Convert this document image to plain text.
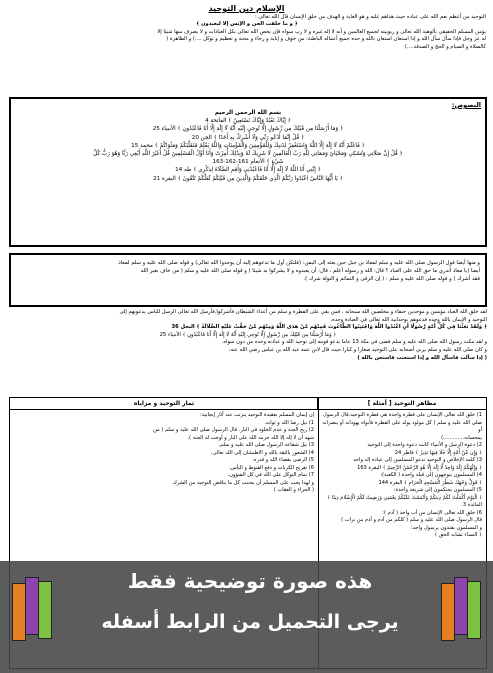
الإسلام دين التوحيد

التوحيد من أعظم نعم الله على عباده حيث هداهم غليه و هو الغاية و الهدف من خلق الإنسان قال الله تعالى :

﴿ و ما خلقت الجن و الإنس إلا ليعبدون ﴾

يؤمن المسلم الحقيقي بألوهية الله تعالى و ربوبيته لجميع العالمين و أنه لا إله غيره و لا رب سواه فإن يخص الله تعالى بكل العبادات و لا يصرف منها شيئا إلا

له عز وجل فإذا سأل سأل الله و إذا استعان استعان بالله و حده جميع أعماله الباطنة: من خوف و إنابة و رجاء و محبة و تعظيم و توكل ....) و الظاهرة (

كالصلاة و الصيام و الحج و الصدقة....)

النصوص:
بسم الله الرحمن الرحيم
﴿ إِيَّاكَ نَعْبُدُ وَإِيَّاكَ نَسْتَعِينُ ﴾ الفاتحة 4
﴿ وَمَا أَرْسَلْنَا مِن قَبْلِكَ مِن رَّسُولٍ إِلَّا نُوحِي إِلَيْهِ أَنَّهُ لَا إِلَٰهَ إِلَّا أَنَا فَاعْبُدُونِ ﴾ الأنبياء 25
﴿ قُلْ إِنَّمَا أَدْعُو رَبِّي وَلَا أُشْرِكُ بِهِ أَحَدًا ﴾ الجن 20
﴿ فَاعْلَمْ أَنَّهُ لَا إِلَٰهَ إِلَّا اللَّهُ وَاسْتَغْفِرْ لِذَنبِكَ وَلِلْمُؤْمِنِينَ وَالْمُؤْمِنَاتِ وَاللَّهُ يَعْلَمُ مُتَقَلَّبَكُمْ وَمَثْوَاكُمْ ﴾ محمد 15
﴿ قُلْ إِنَّ صَلَاتِي وَنُسُكِي وَمَحْيَايَ وَمَمَاتِي لِلَّهِ رَبِّ الْعَالَمِينَ لَا شَرِيكَ لَهُ وَبِذَٰلِكَ أُمِرْتُ وَأَنَا أَوَّلُ الْمُسْلِمِينَ قُلْ أَغَيْرَ اللَّهِ أَبْغِي رَبًّا وَهُوَ رَبُّ كُلِّ
شَيْءٍ ﴾ الأنعام 161-162-163
﴿ إِنَّنِي أَنَا اللَّهُ لَا إِلَٰهَ إِلَّا أَنَا فَاعْبُدْنِي وَأَقِمِ الصَّلَاةَ لِذِكْرِي ﴾ طه 14
﴿ يَا أَيُّهَا النَّاسُ اعْبُدُوا رَبَّكُمُ الَّذِي خَلَقَكُمْ وَالَّذِينَ مِن قَبْلِكُمْ لَعَلَّكُمْ تَتَّقُونَ ﴾ البقرة 21
و منها أيضا قول الرسول صلى الله عليه و سلم لمعاذ بن جبل حين بعثه إلى اليمن: (فلتكن أول ما تدعوهم إليه أن يوحدوا الله تعالى) و قوله صلى الله عليه و سلم لمعاذ
أيضا (يا معاذ أتدري ما حق الله على العباد ؟ قال: الله و رسوله أعلم ، قال: أن يعبدوه و لا يشركوا به شيئا ) و قوله صلى الله عليه و سلم ( من خاف بغير الله
فقد أشرك ) و قوله صلى الله عليه و سلم : ( إن الرقى و التمائم و التولة شرك ).

لقد خلق الله العباد مؤمنين و موحدين حنفاء و مخلصين الله سبحانه ، فمن بقي على الفطرة و سلم من أعداء الشيطان فأشركوا.فأرسل الله تعالى الرسل للناس يدعونهم إلى

التوحيد و الإيمان بالله وحده فدعوهم بوحدانية الله تعالى في العبادة وحده.

﴿ وَلَقَدْ بَعَثْنَا فِي كُلِّ أُمَّةٍ رَّسُولًا أَنِ اعْبُدُوا اللَّهَ وَاجْتَنِبُوا الطَّاغُوتَ فَمِنْهُم مَّنْ هَدَى اللَّهُ وَمِنْهُم مَّنْ حَقَّتْ عَلَيْهِ الضَّلَالَةُ ﴾ النحل 36

﴿ وَمَا أَرْسَلْنَا مِن قَبْلِكَ مِن رَّسُولٍ إِلَّا نُوحِي إِلَيْهِ أَنَّهُ لَا إِلَٰهَ إِلَّا أَنَا فَاعْبُدُونِ ﴾ الأنبياء 25

و لقد مكث رسول الله صلى الله عليه و سلم قضى في مكة 13 عاما يدعو قومه إلى توحيد الله و عبادته وحده من دون سواه.

و كان صلى الله عليه و سلم يربي أصحابه على التوحيد صغارا و كبارا.حيث قال لابن عمه عبد الله بن عباس رضي الله عنه:

( إذا سألت فاسأل الله و إذا استعنت فاستعن بالله )

مظاهر التوحيد [ أمثلة ]
ثمار التوحيد و مزاياه

1) خلق الله تعالى الإنسان على فطرة واحدة هي فطرة التوحيد.قال الرسول

صلى الله عليه و سلم ( كل مولود يولد على الفطرة فأبواه يهودانه أو ينصرانه أو

يمجسانه.............)

2) دعوة الرسل و الأنبياء كانت دعوة واحدة إلى التوحيد

﴿ وَإِن مِّنْ أُمَّةٍ إِلَّا خَلَا فِيهَا نَذِيرٌ ﴾ فاطر 24

3) كلمة الإخلاص و التوحيد تدعو المسلمين إلى عبادة إله واحد

﴿ وَإِلَٰهُكُمْ إِلَٰهٌ وَاحِدٌ لَّا إِلَٰهَ إِلَّا هُوَ الرَّحْمَٰنُ الرَّحِيمُ ﴾ البقرة 163

4) المسلمون يتوجهون إلى قبلة واحدة ( الكعبة):

﴿ فَوَلِّ وَجْهَكَ شَطْرَ الْمَسْجِدِ الْحَرَامِ ﴾ البقرة 144

5) المسلمون يحتكمون إلى شريعة واحدة:

﴿ الْيَوْمَ أَكْمَلْتُ لَكُمْ دِينَكُمْ وَأَتْمَمْتُ عَلَيْكُمْ نِعْمَتِي وَرَضِيتُ لَكُمُ الْإِسْلَامَ دِينًا ﴾ المائدة 3

6) خلق الله تعالى الإنسان من أب واحد ( آدم ):

قال الرسول صلى الله عليه و سلم ( كلكم من آدم و آدم من تراب )

و المسلمون يقتدون برسول واحد:

﴿ النساء تشابه الحق ﴾

إن إيمان المسلم بعقيدة التوحيد يترتب عنه آثار إيجابية:

1) نيل رضا الله و ثوابه.

2) ربح الجنة و عدم الخلود في النار. قال الرسول صلى الله عليه و سلم ( من

شهد أن لا إله إلا الله حرمه الله على النار و أوجب له الجنة ).

3) نيل شفاعة الرسول صلى الله عليه و سلم.

4) الشعور بالثقة بالله و الاطمئنان إلى الله تعالى.

5) الرضى بقضاء الله و قدره.

6) تفريج الكربات و دفع القنوط و اليأس.

7) تمام التوكل على الله في كل الشؤون.

و لهذا يجب على المسلم أن يجتنب كل ما يناقض التوحيد من الشرك

( الجزاء و العقاب )

هذه صورة توضيحية فقط
يرجى التحميل من الرابط أسفله
